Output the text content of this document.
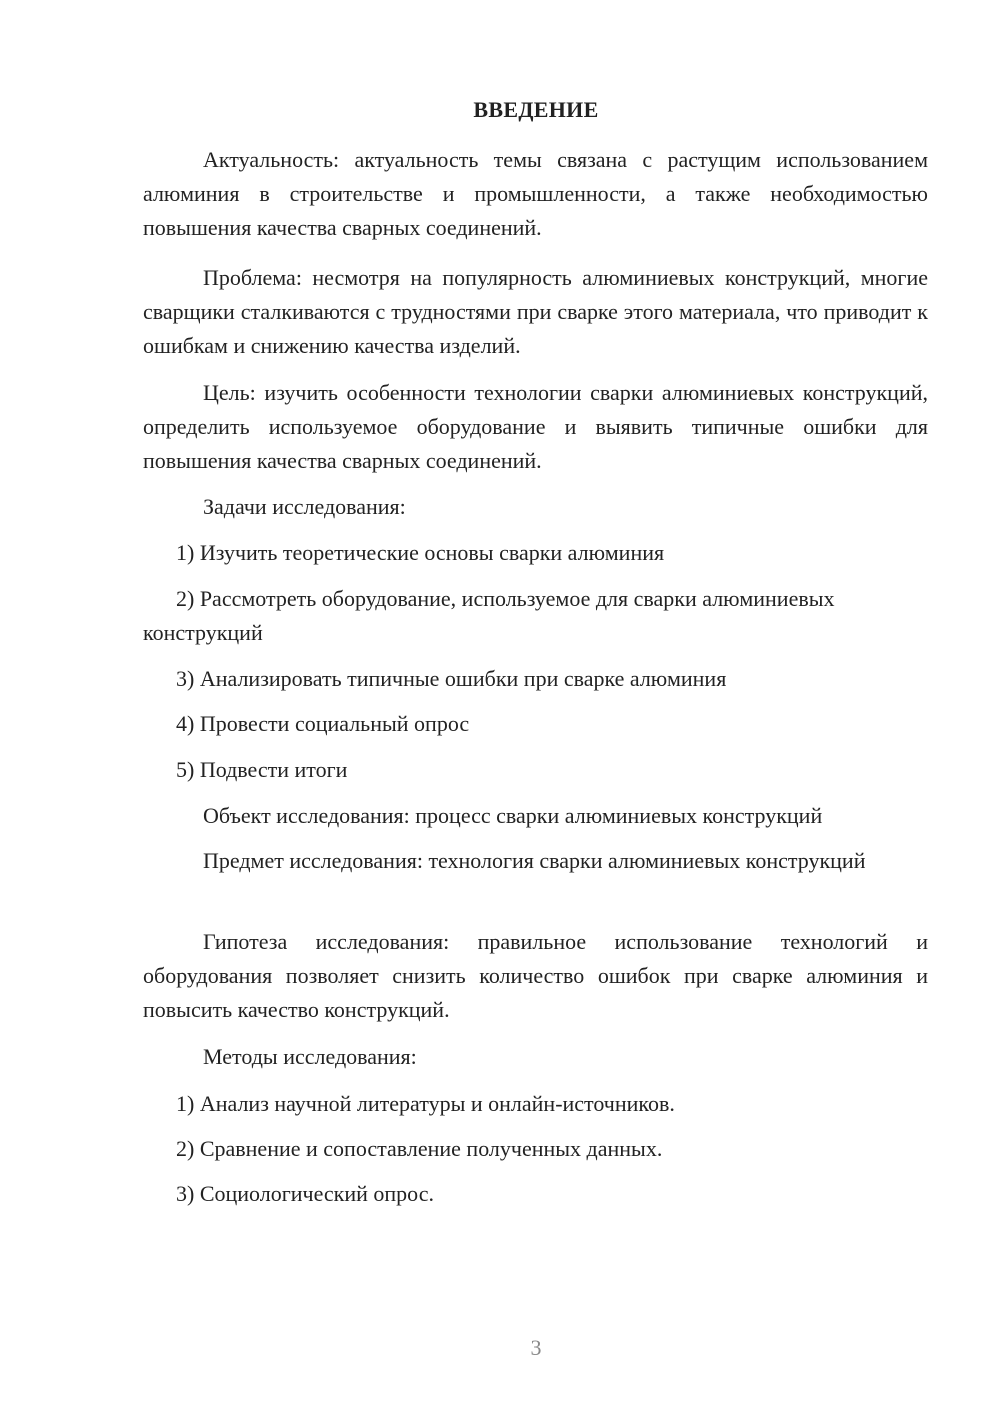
ВВЕДЕНИЕ
Актуальность: актуальность темы связана с растущим использованием алюминия в строительстве и промышленности, а также необходимостью повышения качества сварных соединений.
Проблема: несмотря на популярность алюминиевых конструкций, многие сварщики сталкиваются с трудностями при сварке этого материала, что приводит к ошибкам и снижению качества изделий.
Цель: изучить особенности технологии сварки алюминиевых конструкций, определить используемое оборудование и выявить типичные ошибки для повышения качества сварных соединений.
Задачи исследования:
1) Изучить теоретические основы сварки алюминия
2) Рассмотреть оборудование, используемое для сварки алюминиевых конструкций
3) Анализировать типичные ошибки при сварке алюминия
4) Провести социальный опрос
5) Подвести итоги
Объект исследования: процесс сварки алюминиевых конструкций
Предмет исследования: технология сварки алюминиевых конструкций
Гипотеза исследования: правильное использование технологий и оборудования позволяет снизить количество ошибок при сварке алюминия и повысить качество конструкций.
Методы исследования:
1) Анализ научной литературы и онлайн-источников.
2) Сравнение и сопоставление полученных данных.
3) Социологический опрос.
3
